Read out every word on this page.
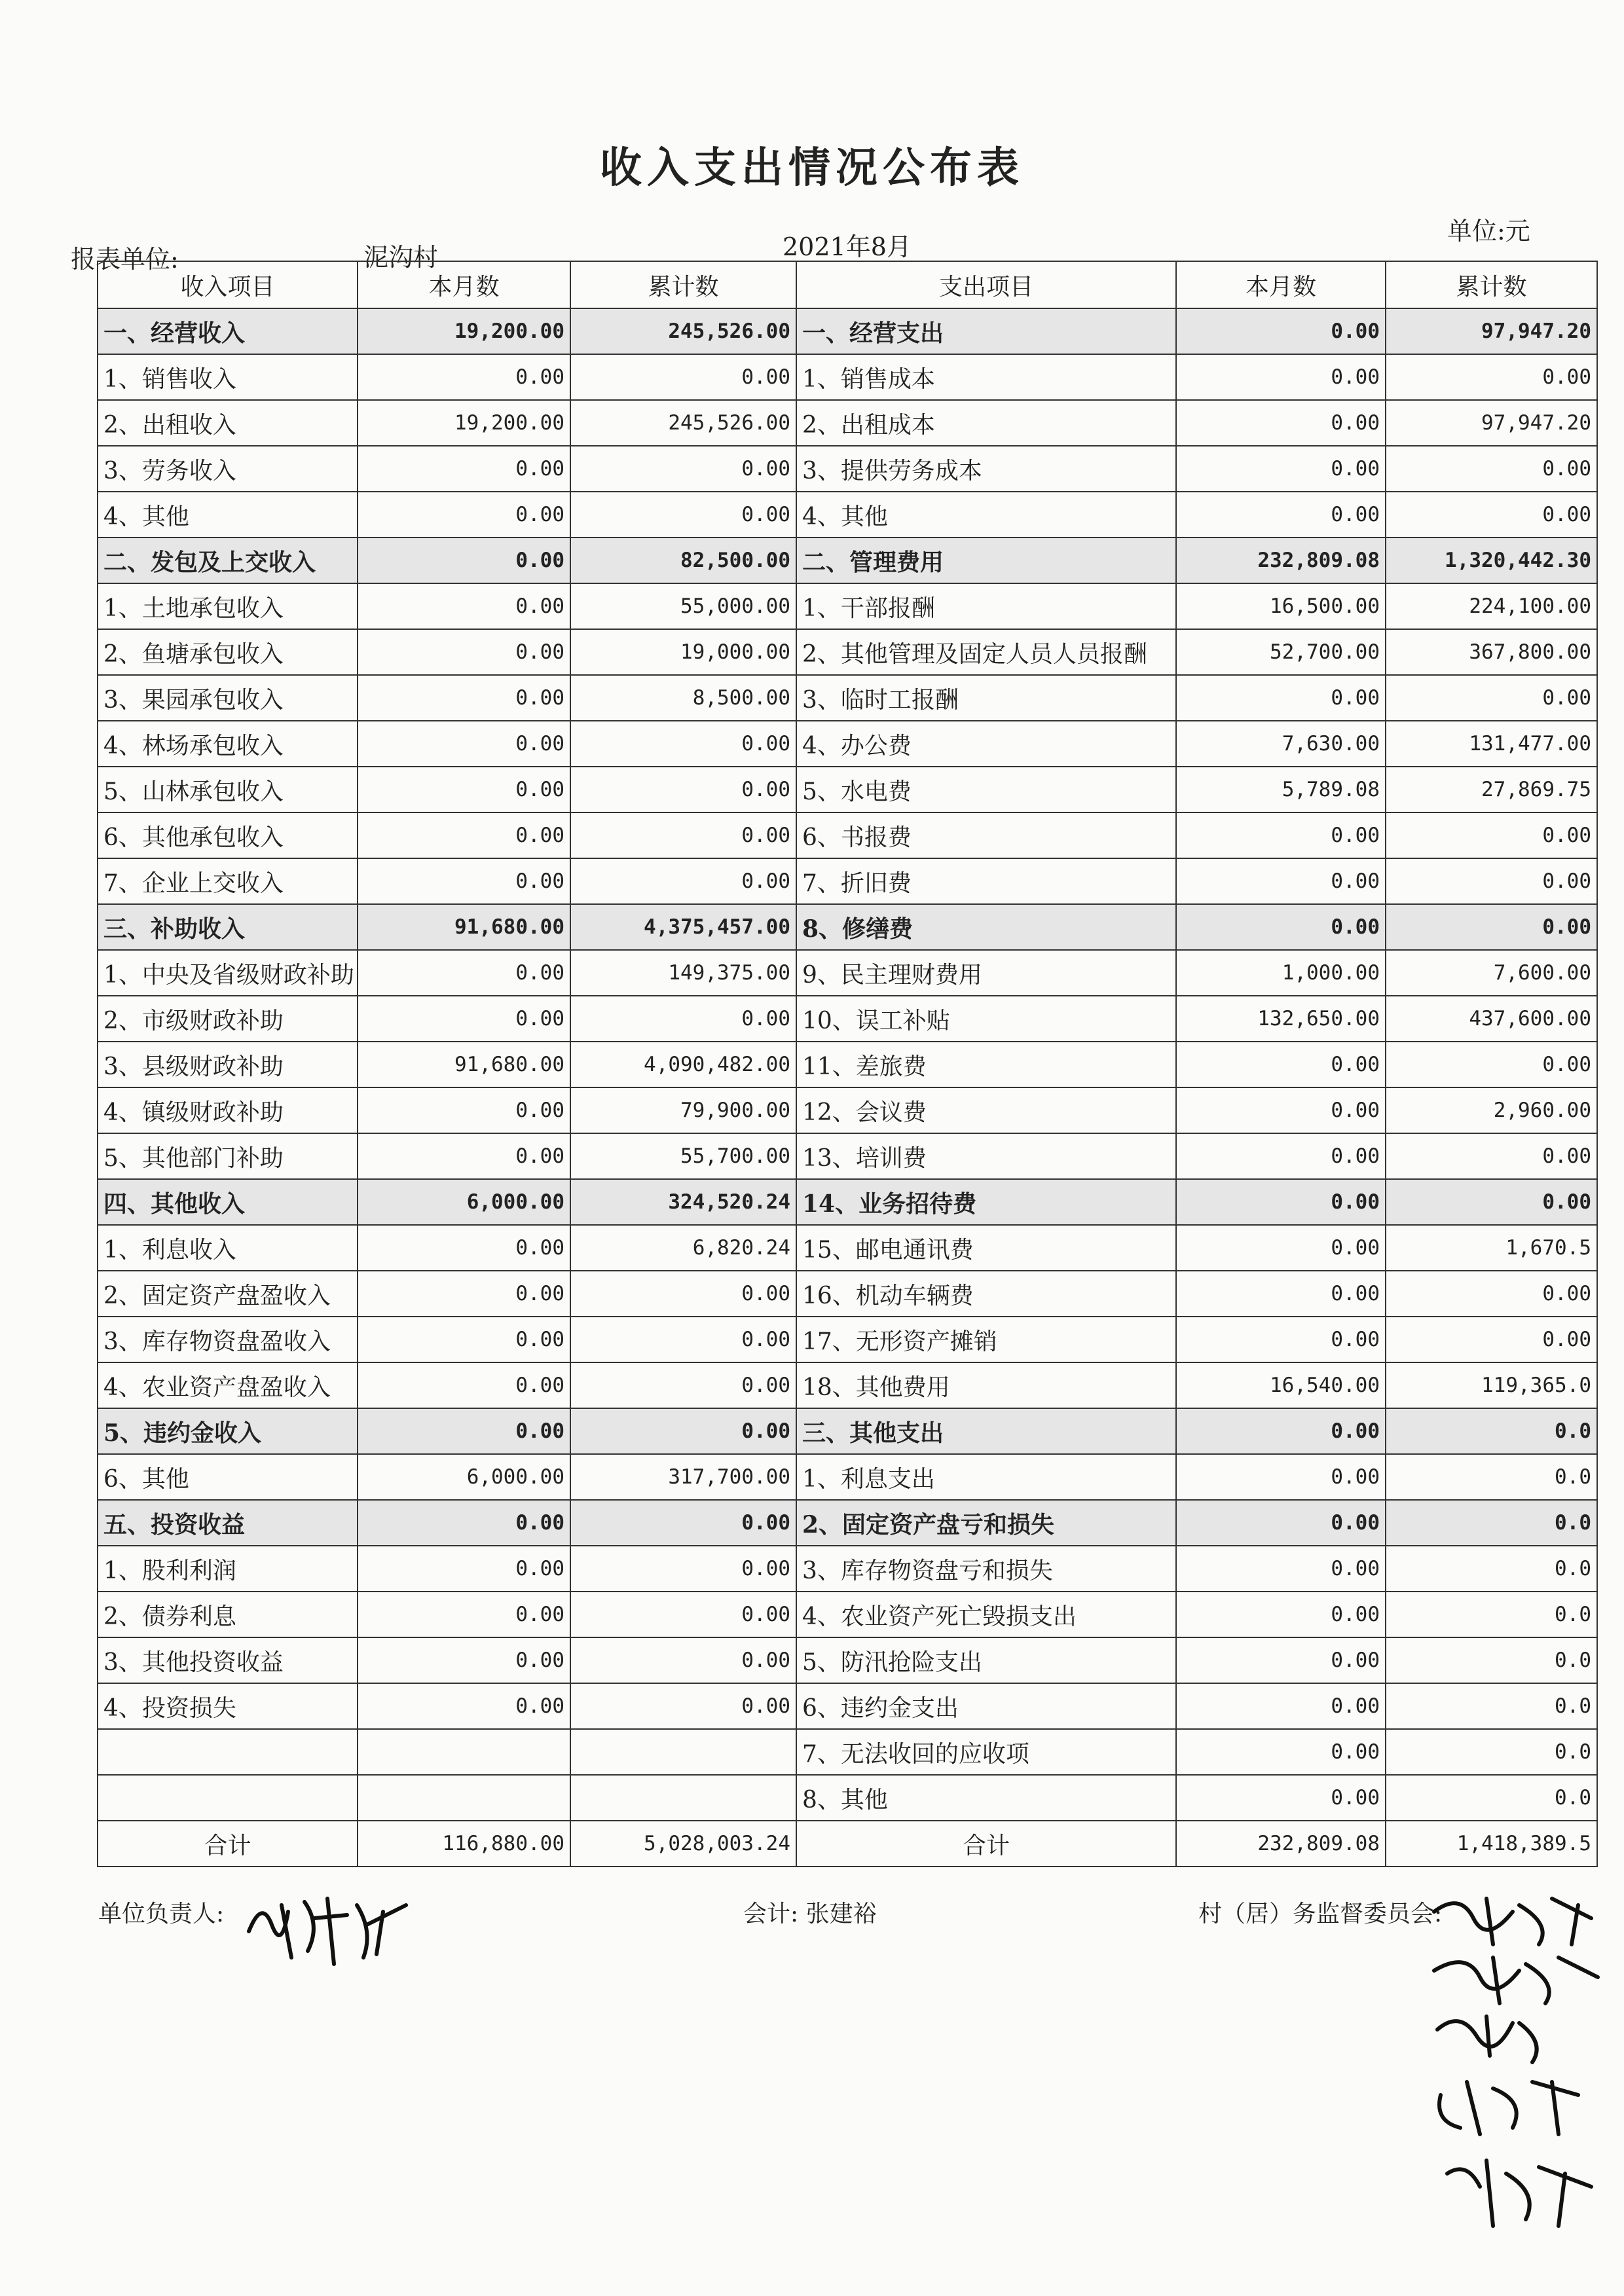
收入支出情况公布表
单位:元
报表单位:	泥沟村	2021年8月
收入项目	本月数	累计数	支出项目	本月数	累计数
一、经营收入	19,200.00	245,526.00	一、经营支出	0.00	97,947.20
1、销售收入	0.00	0.00	1、销售成本	0.00	0.00
2、出租收入	19,200.00	245,526.00	2、出租成本	0.00	97,947.20
3、劳务收入	0.00	0.00	3、提供劳务成本	0.00	0.00
4、其他	0.00	0.00	4、其他	0.00	0.00
二、发包及上交收入	0.00	82,500.00	二、管理费用	232,809.08	1,320,442.30
1、土地承包收入	0.00	55,000.00	1、干部报酬	16,500.00	224,100.00
2、鱼塘承包收入	0.00	19,000.00	2、其他管理及固定人员人员报酬	52,700.00	367,800.00
3、果园承包收入	0.00	8,500.00	3、临时工报酬	0.00	0.00
4、林场承包收入	0.00	0.00	4、办公费	7,630.00	131,477.00
5、山林承包收入	0.00	0.00	5、水电费	5,789.08	27,869.75
6、其他承包收入	0.00	0.00	6、书报费	0.00	0.00
7、企业上交收入	0.00	0.00	7、折旧费	0.00	0.00
三、补助收入	91,680.00	4,375,457.00	8、修缮费	0.00	0.00
1、中央及省级财政补助	0.00	149,375.00	9、民主理财费用	1,000.00	7,600.00
2、市级财政补助	0.00	0.00	10、误工补贴	132,650.00	437,600.00
3、县级财政补助	91,680.00	4,090,482.00	11、差旅费	0.00	0.00
4、镇级财政补助	0.00	79,900.00	12、会议费	0.00	2,960.00
5、其他部门补助	0.00	55,700.00	13、培训费	0.00	0.00
四、其他收入	6,000.00	324,520.24	14、业务招待费	0.00	0.00
1、利息收入	0.00	6,820.24	15、邮电通讯费	0.00	1,670.5
2、固定资产盘盈收入	0.00	0.00	16、机动车辆费	0.00	0.00
3、库存物资盘盈收入	0.00	0.00	17、无形资产摊销	0.00	0.00
4、农业资产盘盈收入	0.00	0.00	18、其他费用	16,540.00	119,365.0
5、违约金收入	0.00	0.00	三、其他支出	0.00	0.0
6、其他	6,000.00	317,700.00	1、利息支出	0.00	0.0
五、投资收益	0.00	0.00	2、固定资产盘亏和损失	0.00	0.0
1、股利利润	0.00	0.00	3、库存物资盘亏和损失	0.00	0.0
2、债券利息	0.00	0.00	4、农业资产死亡毁损支出	0.00	0.0
3、其他投资收益	0.00	0.00	5、防汛抢险支出	0.00	0.0
4、投资损失	0.00	0.00	6、违约金支出	0.00	0.0
			7、无法收回的应收项	0.00	0.0
			8、其他	0.00	0.0
合计	116,880.00	5,028,003.24	合计	232,809.08	1,418,389.5
单位负责人:	会计: 张建裕	村（居）务监督委员会:
